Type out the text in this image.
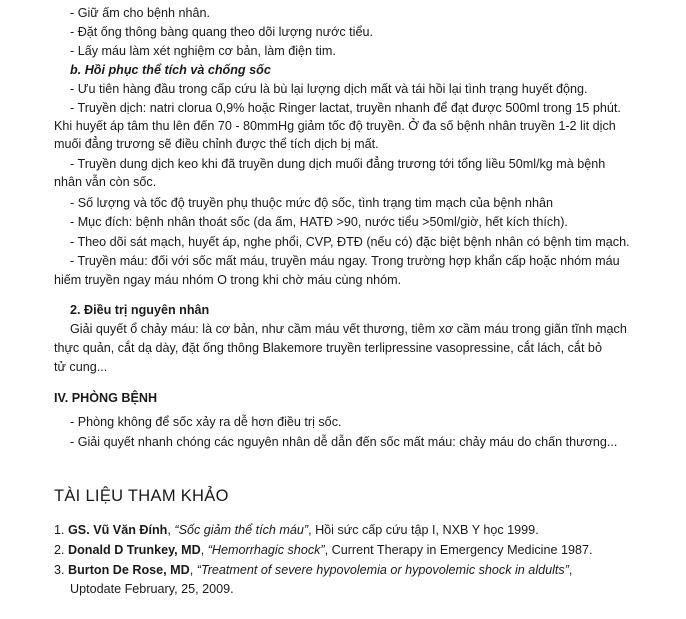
- Giữ ấm cho bệnh nhân.
- Đặt ống thông bàng quang theo dõi lượng nước tiểu.
- Lấy máu làm xét nghiệm cơ bản, làm điện tim.
b. Hồi phục thể tích và chống sốc
- Ưu tiên hàng đầu trong cấp cứu là bù lại lượng dịch mất và tái hồi lại tình trạng huyết động.
- Truyền dịch: natri clorua 0,9% hoặc Ringer lactat, truyền nhanh để đạt được 500ml trong 15 phút.
Khi huyết áp tâm thu lên đến 70 - 80mmHg giảm tốc độ truyền. Ở đa số bệnh nhân truyền 1-2 lit dịch
muối đẳng trương sẽ điều chỉnh được thể tích dịch bị mất.
- Truyền dung dịch keo khi đã truyền dung dịch muối đẳng trương tới tổng liều 50ml/kg mà bệnh
nhân vẫn còn sốc.
- Số lượng và tốc độ truyền phụ thuộc mức độ sốc, tình trạng tim mạch của bệnh nhân
- Mục đích: bệnh nhân thoát sốc (da ấm, HATĐ >90, nước tiểu >50ml/giờ, hết kích thích).
- Theo dõi sát mạch, huyết áp, nghe phổi, CVP, ĐTĐ (nếu có) đặc biệt bệnh nhân có bệnh tim mạch.
- Truyền máu: đối với sốc mất máu, truyền máu ngay. Trong trường hợp khẩn cấp hoặc nhóm máu
hiếm truyền ngay máu nhóm O trong khi chờ máu cùng nhóm.
2. Điều trị nguyên nhân
Giải quyết ổ chảy máu: là cơ bản, như cầm máu vết thương, tiêm xơ cầm máu trong giãn tĩnh mạch
thực quản, cắt dạ dày, đặt ống thông Blakemore truyền terlipressine vasopressine, cắt lách, cắt bỏ
tử cung...
IV. PHÒNG BỆNH
- Phòng không để sốc xảy ra dễ hơn điều trị sốc.
- Giải quyết nhanh chóng các nguyên nhân dễ dẫn đến sốc mất máu: chảy máu do chấn thương...
TÀI LIỆU THAM KHẢO
1. GS. Vũ Văn Đính, “Sốc giảm thể tích máu”, Hồi sức cấp cứu tập I, NXB Y học 1999.
2. Donald D Trunkey, MD, “Hemorrhagic shock”, Current Therapy in Emergency Medicine 1987.
3. Burton De Rose, MD, “Treatment of severe hypovolemia or hypovolemic shock in aldults”,
Uptodate February, 25, 2009.
